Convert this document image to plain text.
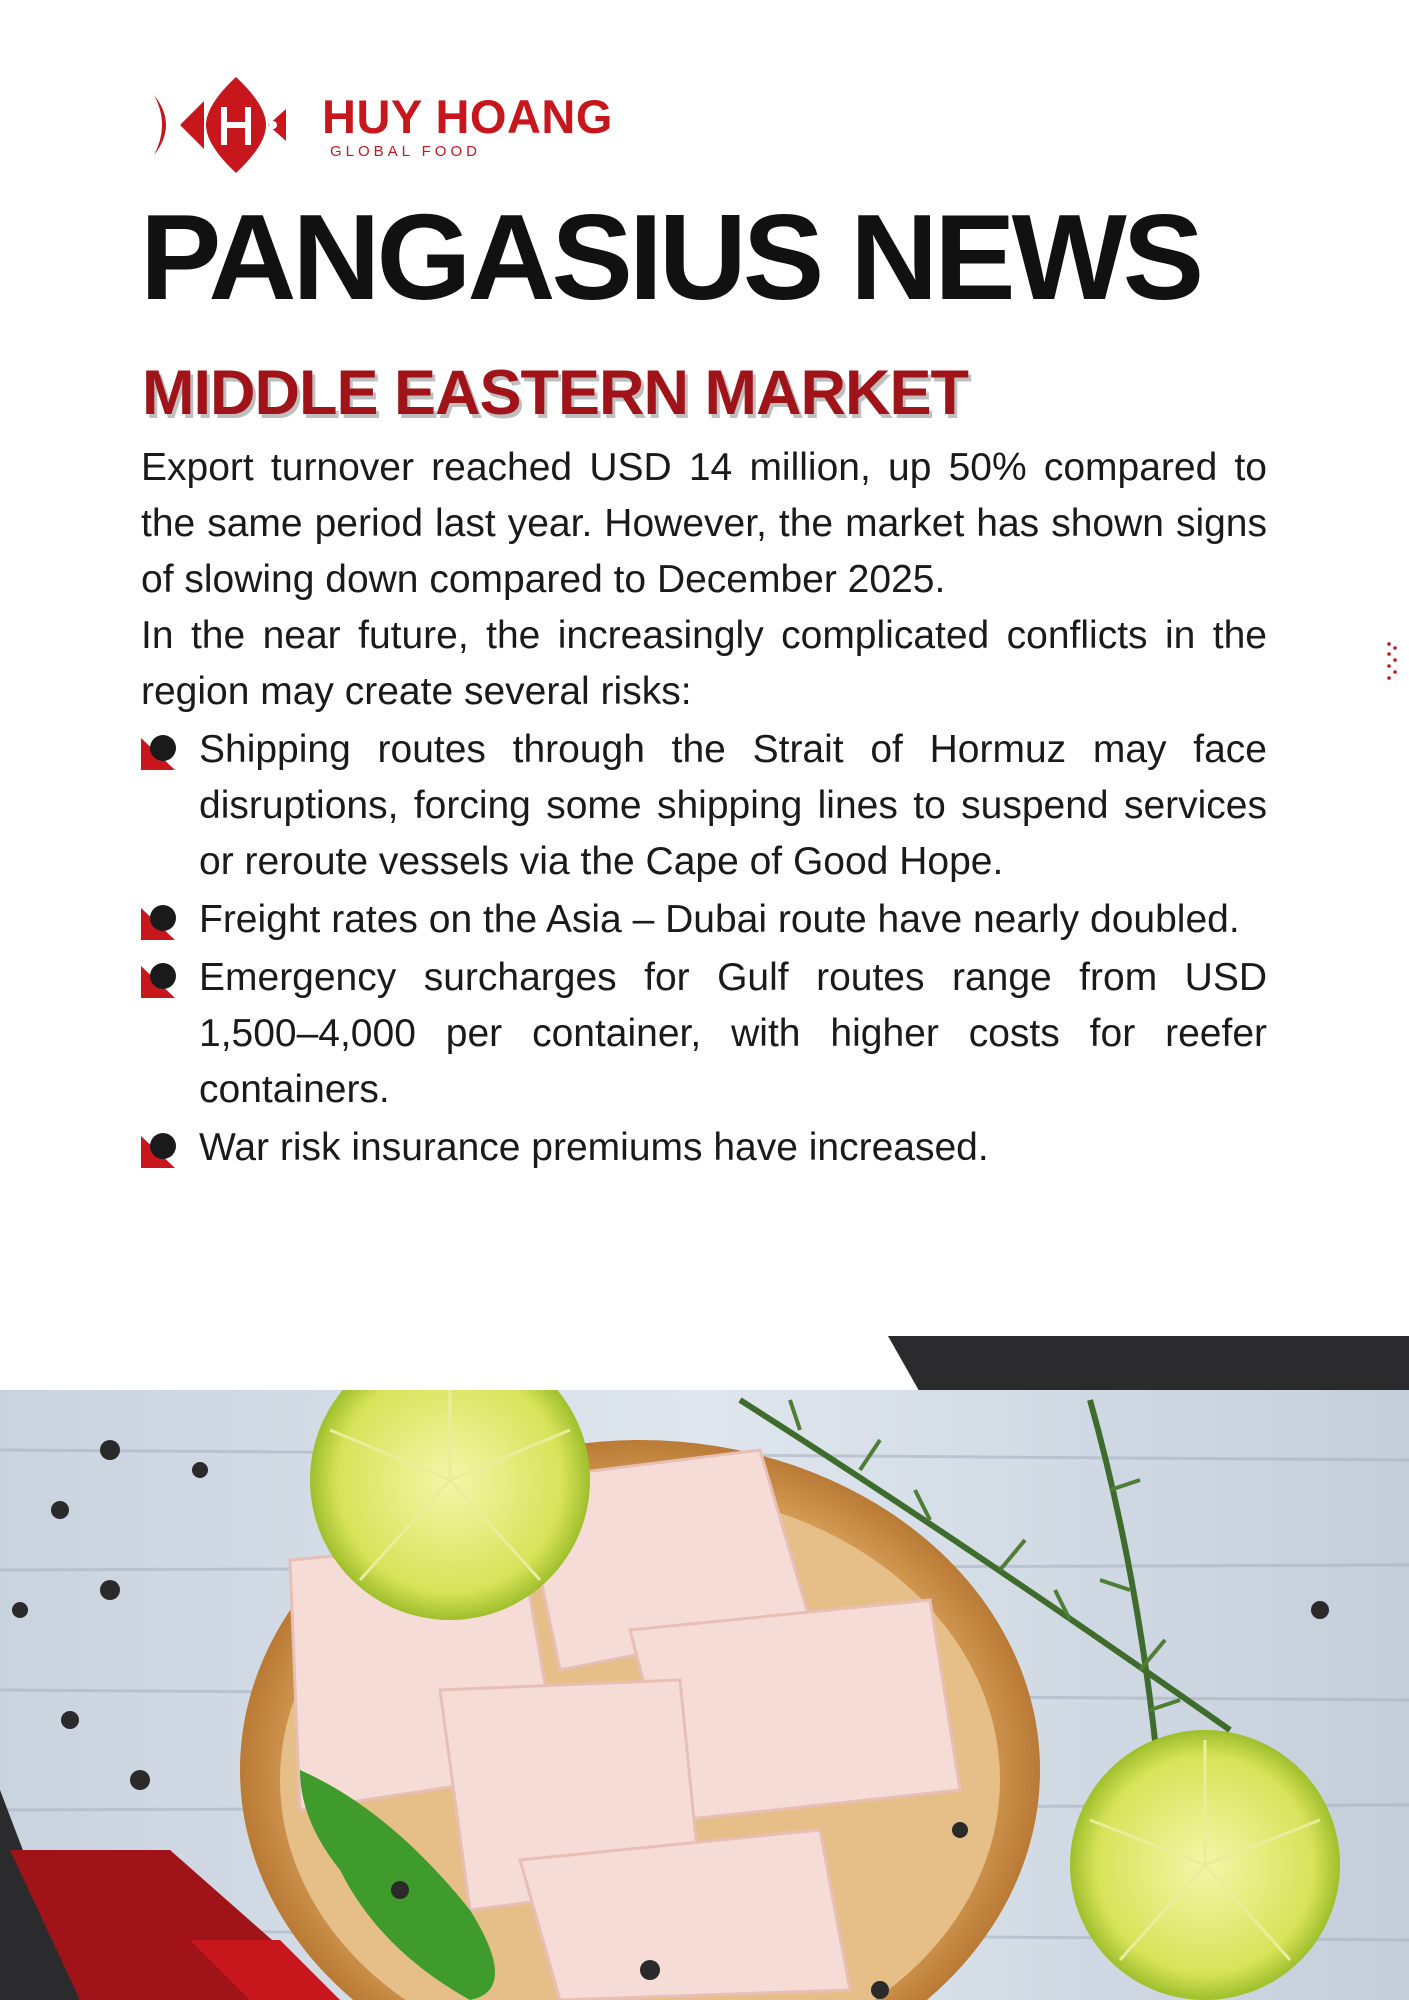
HUY HOANG
GLOBAL FOOD
PANGASIUS NEWS
MIDDLE EASTERN MARKET

Export turnover reached USD 14 million, up 50% compared to the same period last year. However, the market has shown signs of slowing down compared to December 2025.

In the near future, the increasingly complicated conflicts in the region may create several risks:

Shipping routes through the Strait of Hormuz may face disruptions, forcing some shipping lines to suspend services or reroute vessels via the Cape of Good Hope.
Freight rates on the Asia – Dubai route have nearly doubled.
Emergency surcharges for Gulf routes range from USD 1,500–4,000 per container, with higher costs for reefer containers.
War risk insurance premiums have increased.
